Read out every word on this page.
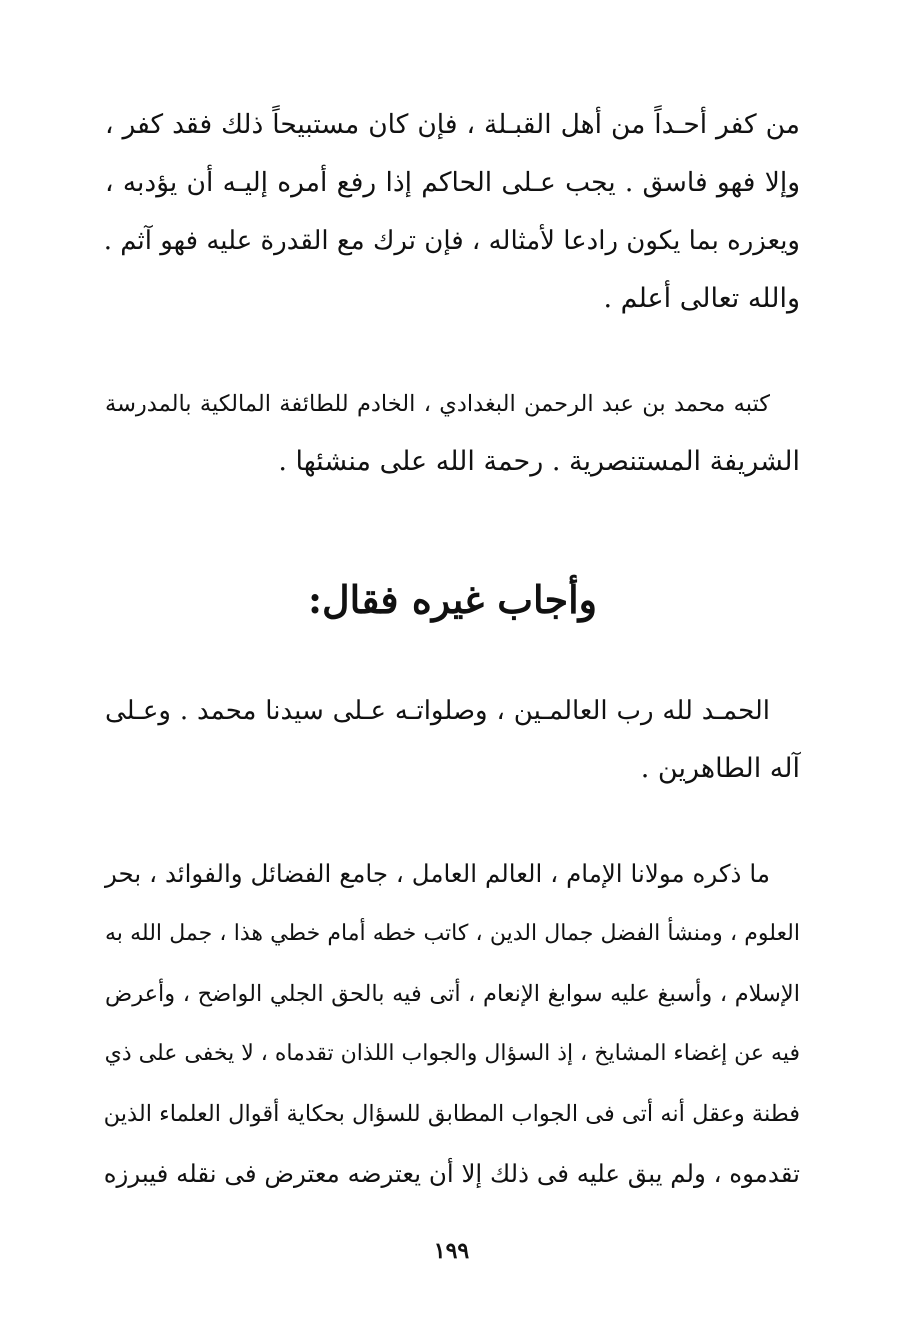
من كفر أحـداً من أهل القبـلة ، فإن كان مستبيحاً ذلك فقد كفر ،
وإلا فهو فاسق . يجب عـلى الحاكم إذا رفع أمره إليـه أن يؤدبه ،
ويعزره بما يكون رادعا لأمثاله ، فإن ترك مع القدرة عليه فهو آثم .
والله تعالى أعلم .
كتبه محمد بن عبد الرحمن البغدادي ، الخادم للطائفة المالكية بالمدرسة
الشريفة المستنصرية . رحمة الله على منشئها .
وأجاب غيره فقال:
الحمـد لله رب العالمـين ، وصلواتـه عـلى سيدنا محمد . وعـلى
آله الطاهرين .
ما ذكره مولانا الإمام ، العالم العامل ، جامع الفضائل والفوائد ، بحر
العلوم ، ومنشأ الفضل جمال الدين ، كاتب خطه أمام خطي هذا ، جمل الله به
الإسلام ، وأسبغ عليه سوابغ الإنعام ، أتى فيه بالحق الجلي الواضح ، وأعرض
فيه عن إغضاء المشايخ ، إذ السؤال والجواب اللذان تقدماه ، لا يخفى على ذي
فطنة وعقل أنه أتى فى الجواب المطابق للسؤال بحكاية أقوال العلماء الذين
تقدموه ، ولم يبق عليه فى ذلك إلا أن يعترضه معترض فى نقله فيبرزه

١٩٩
